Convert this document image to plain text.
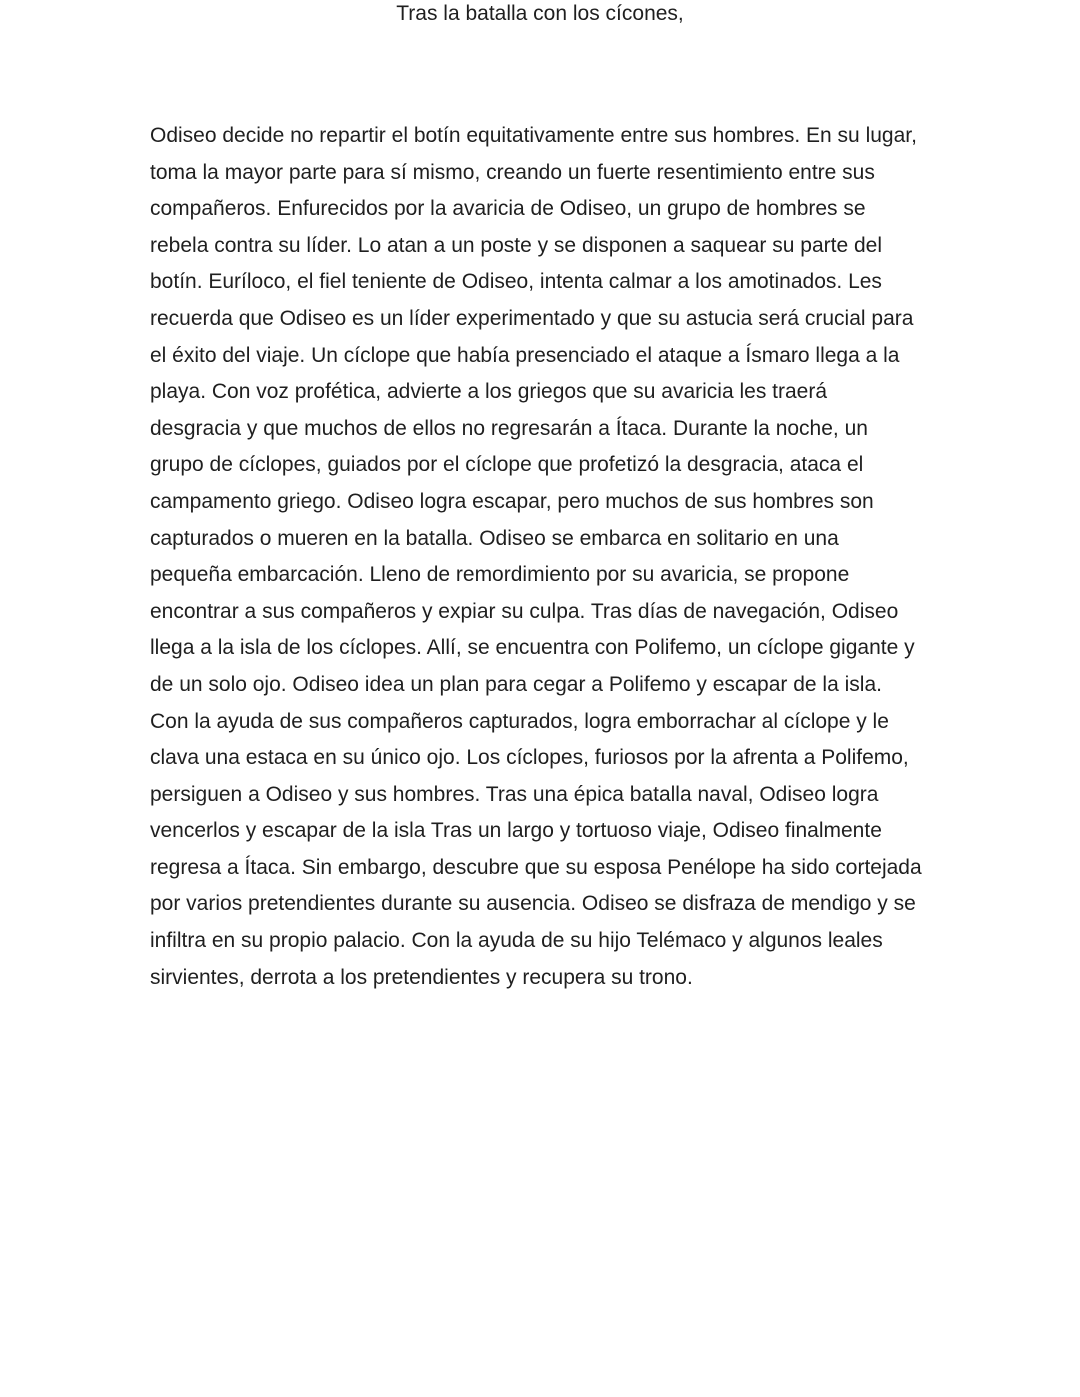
Tras la batalla con los cícones,
Odiseo decide no repartir el botín equitativamente entre sus hombres. En su lugar,
toma la mayor parte para sí mismo, creando un fuerte resentimiento entre sus
compañeros. Enfurecidos por la avaricia de Odiseo, un grupo de hombres se
rebela contra su líder. Lo atan a un poste y se disponen a saquear su parte del
botín. Euríloco, el fiel teniente de Odiseo, intenta calmar a los amotinados. Les
recuerda que Odiseo es un líder experimentado y que su astucia será crucial para
el éxito del viaje. Un cíclope que había presenciado el ataque a Ísmaro llega a la
playa. Con voz profética, advierte a los griegos que su avaricia les traerá
desgracia y que muchos de ellos no regresarán a Ítaca. Durante la noche, un
grupo de cíclopes, guiados por el cíclope que profetizó la desgracia, ataca el
campamento griego. Odiseo logra escapar, pero muchos de sus hombres son
capturados o mueren en la batalla. Odiseo se embarca en solitario en una
pequeña embarcación. Lleno de remordimiento por su avaricia, se propone
encontrar a sus compañeros y expiar su culpa. Tras días de navegación, Odiseo
llega a la isla de los cíclopes. Allí, se encuentra con Polifemo, un cíclope gigante y
de un solo ojo. Odiseo idea un plan para cegar a Polifemo y escapar de la isla.
Con la ayuda de sus compañeros capturados, logra emborrachar al cíclope y le
clava una estaca en su único ojo. Los cíclopes, furiosos por la afrenta a Polifemo,
persiguen a Odiseo y sus hombres. Tras una épica batalla naval, Odiseo logra
vencerlos y escapar de la isla Tras un largo y tortuoso viaje, Odiseo finalmente
regresa a Ítaca. Sin embargo, descubre que su esposa Penélope ha sido cortejada
por varios pretendientes durante su ausencia. Odiseo se disfraza de mendigo y se
infiltra en su propio palacio. Con la ayuda de su hijo Telémaco y algunos leales
sirvientes, derrota a los pretendientes y recupera su trono.
